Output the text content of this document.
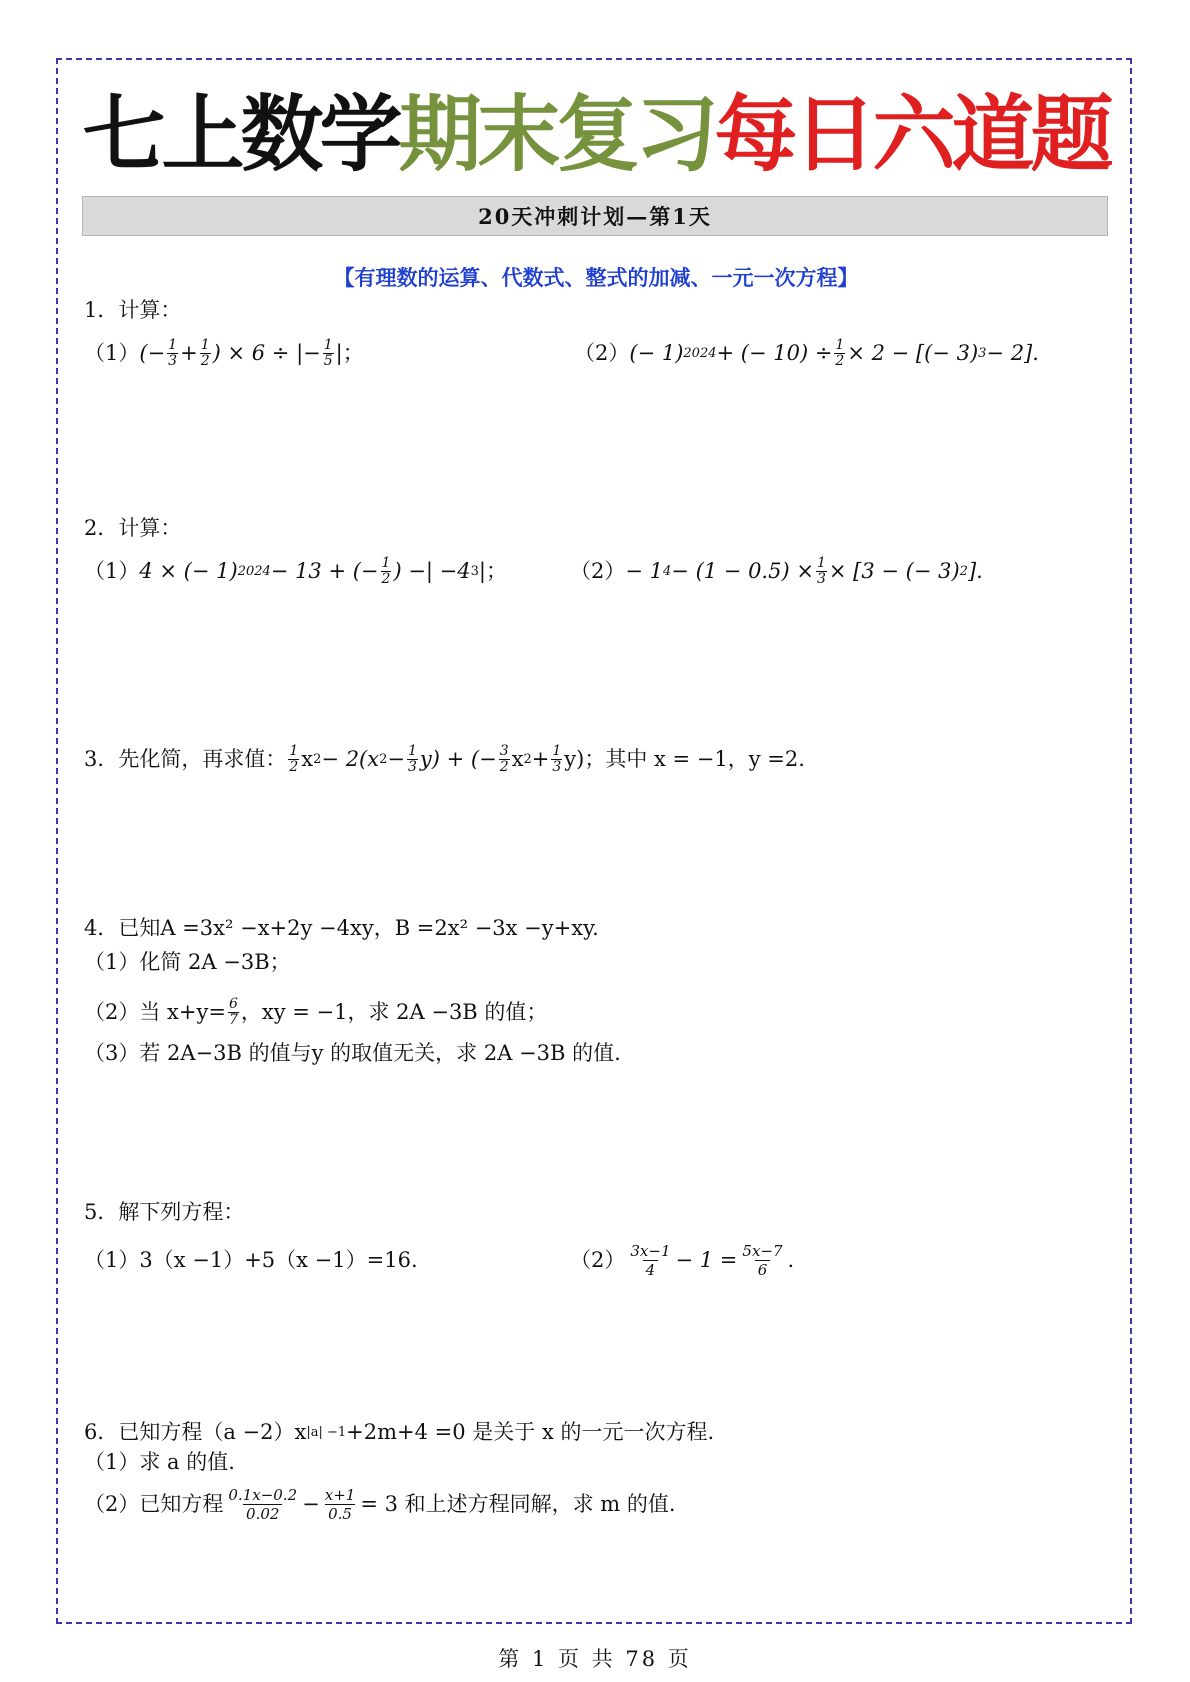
七上数学 期末复习 每日六道题
20天冲刺计划—第1天
【有理数的运算、代数式、整式的加减、一元一次方程】
1．计算：
（1） (− $\frac{1}{3} + \frac{1}{2}$ ) × 6 ÷ |− $\frac{1}{5}$ |；	（2） (− 1) 2024 + (− $10) \div \frac{1}{2} \times 2$ − [(− 3) 3 − 2].
2．计算：
（1） 4 × (− 1) 2024 − 13 + (− $\frac{1}{2}$ ) −| −4 3 |；	（2） − 1 $4 - (1 - 0.5) \times \frac{1}{3} \times [3$ − (− 3) 2 ].
3．先化简，再求值： $\frac{1}{2}$ x 2 − 2(x $2 - \frac{1}{3} y$) + (− $\frac{3}{2}$ x $2 + \frac{1}{3} y$)；其中 x = −1，y =2.
4．已知A =3x² −x+2y −4xy，B =2x² −3x −y+xy.
（1）化简 2A −3B；
（2）当 $x+y= \frac{6}{7}$ ，xy = −1，求 2A −3B 的值；
（3）若 2A−3B 的值与y 的取值无关，求 2A −3B 的值.
5．解下列方程：
（1）3（x −1）+5（x −1）=16.	$(2) \frac{3x-1}{4} - 1 = \frac{5x-7}{6}$ .
6．已知方程（a −2）x |a| −1 +2m+4 =0 是关于 x 的一元一次方程.
（1）求 a 的值.
（2）已知方程 $\frac{0.1x-0.2}{0.02} - \frac{x+1}{0.5} = 3$ 和上述方程同解，求 m 的值.
第 1 页 共 78 页
